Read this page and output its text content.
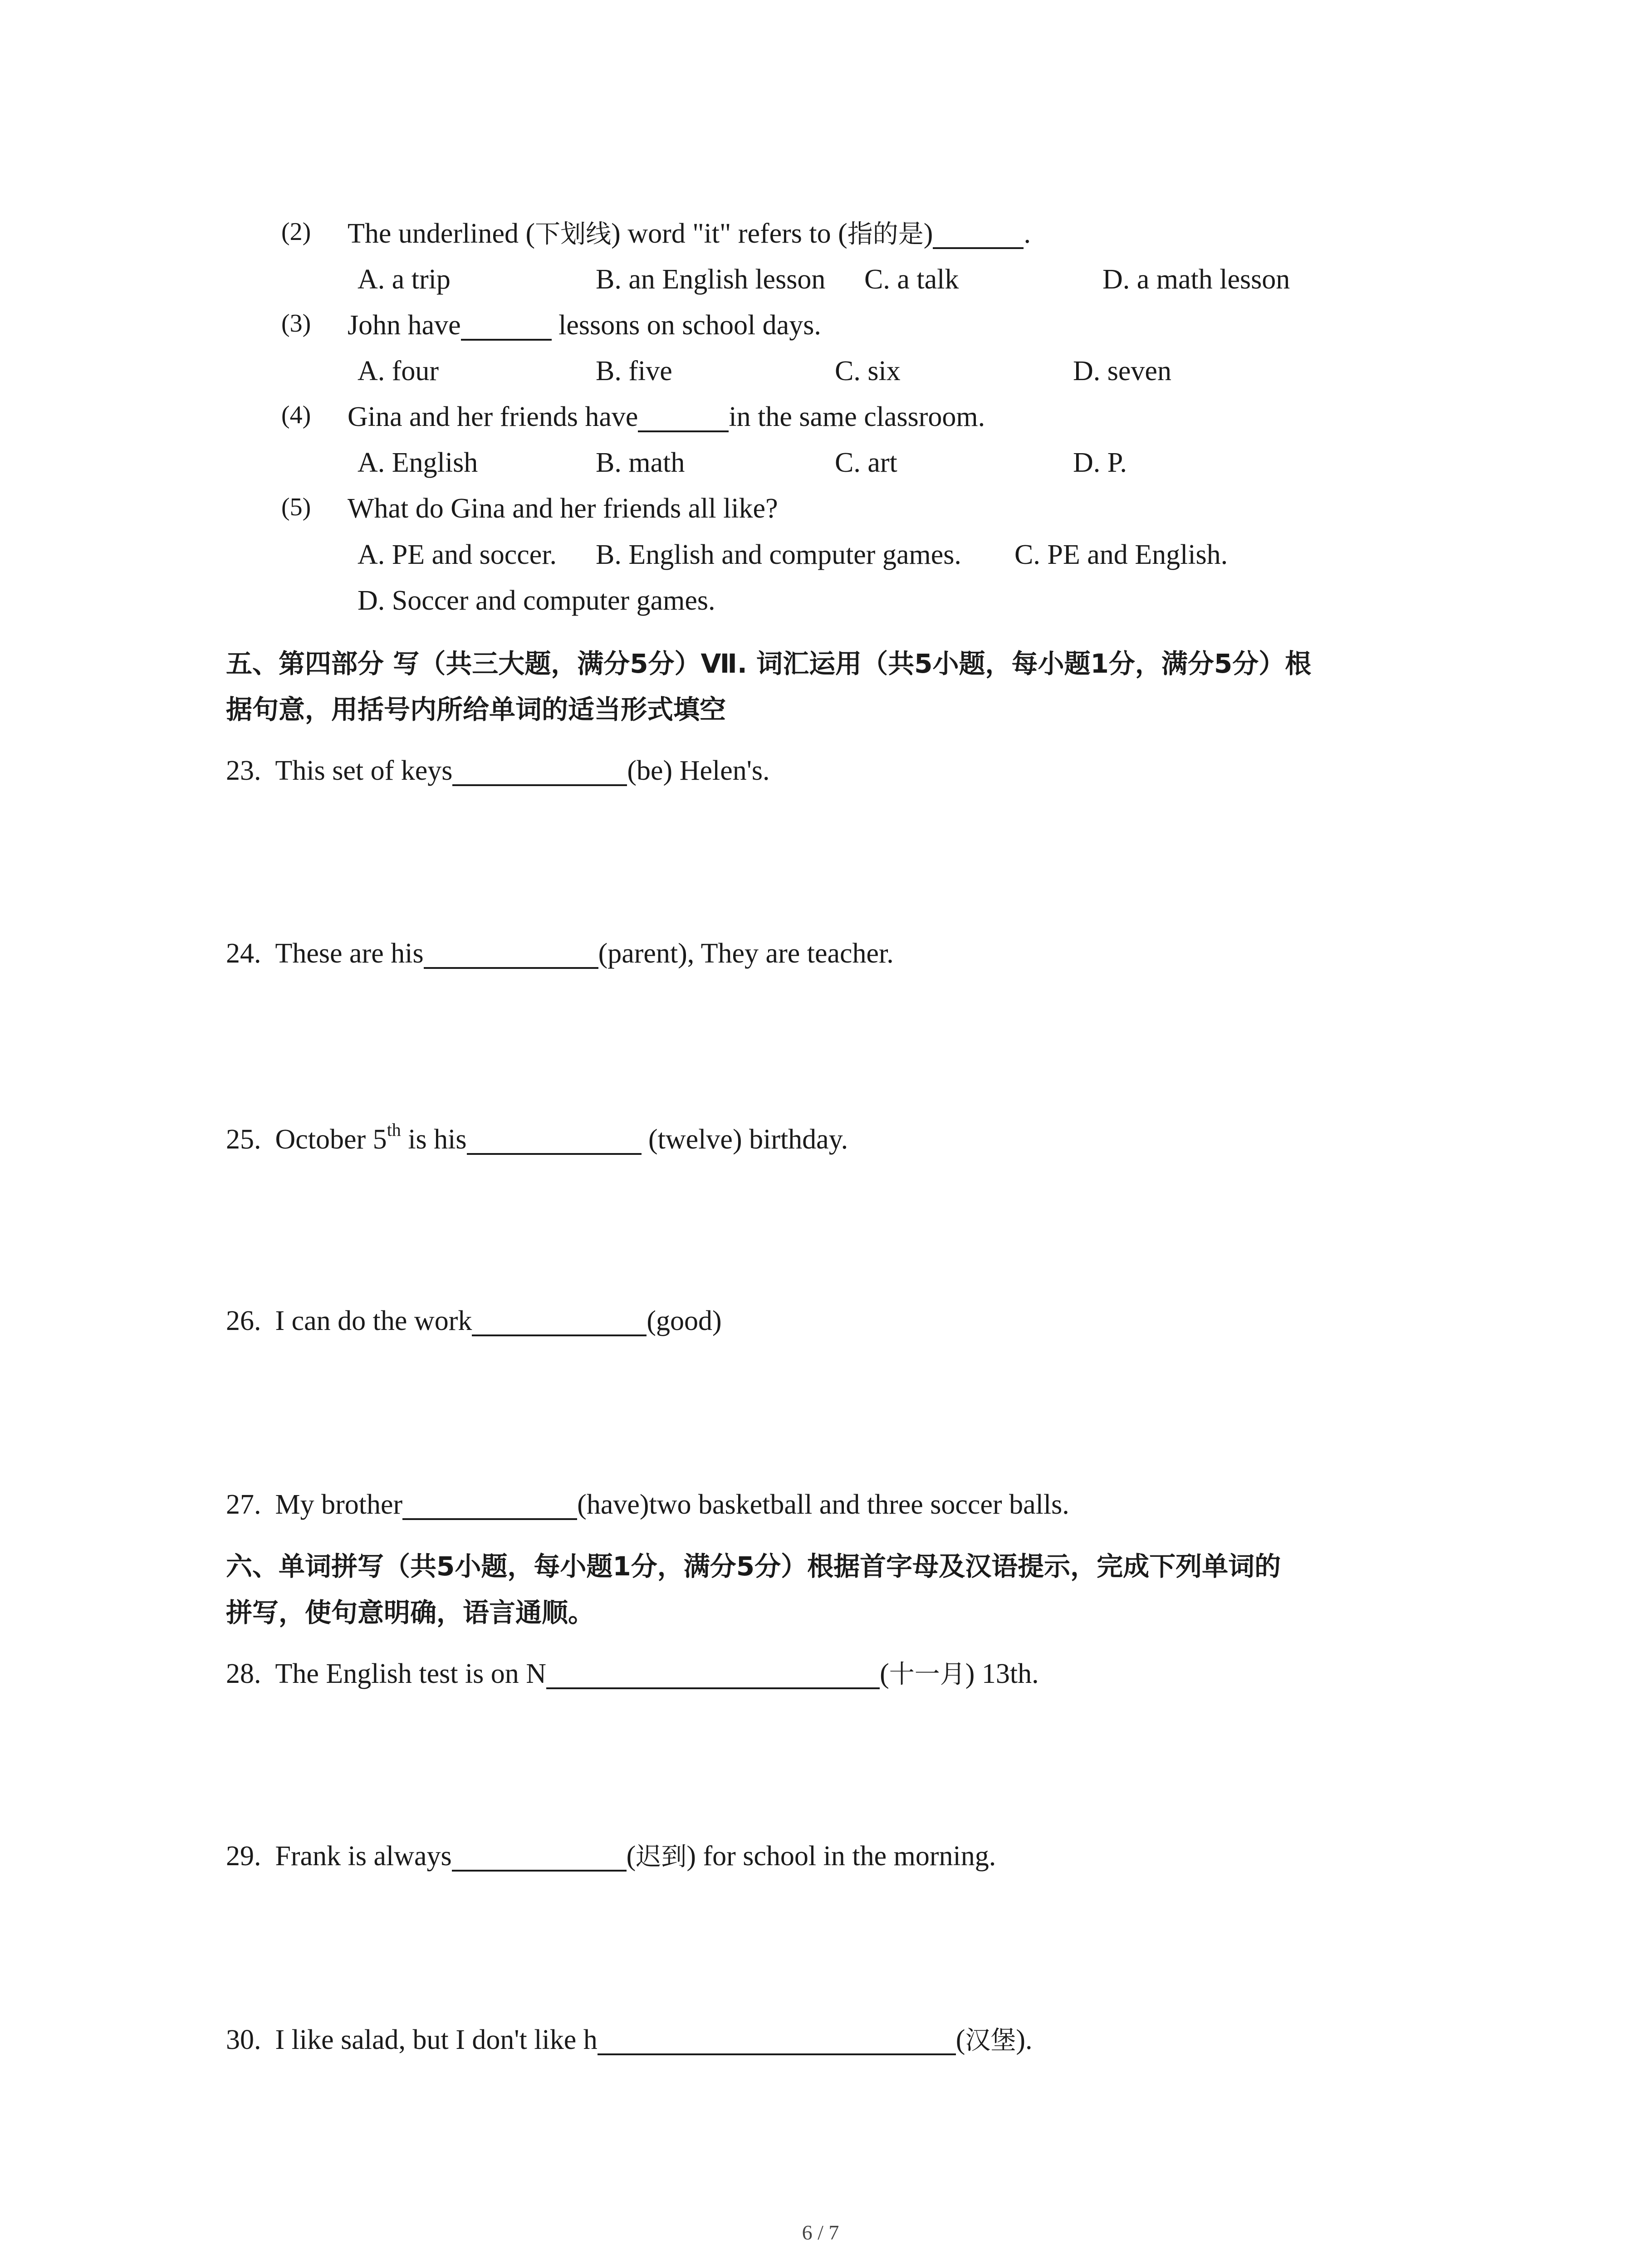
(2) The underlined (下划线) word "it" refers to (指的是)	.
A. a trip	B. an English lesson C. a talk	D. a math lesson
(3) John have	lessons on school days.
A. four	B. five	C. six	D. seven
(4) Gina and her friends have	in the same classroom.
A. English	B. math	C. art	D. P.
(5) What do Gina and her friends all like?
A. PE and soccer. B. English and computer games. C. PE and English.
D. Soccer and computer games.
五、第四部分 写（共三大题，满分5分）Ⅶ. 词汇运用（共5小题，每小题1分，满分5分）根
据句意，用括号内所给单词的适当形式填空
23. This set of keys	(be) Helen's.
24. These are his	(parent), They are teacher.
25. October 5th is his	(twelve) birthday.
26. I can do the work	(good)
27. My brother	(have)two basketball and three soccer balls.
六、单词拼写（共5小题，每小题1分，满分5分）根据首字母及汉语提示，完成下列单词的
拼写，使句意明确，语言通顺。
28. The English test is on N	(十一月) 13th.
29. Frank is always	(迟到) for school in the morning.
30. I like salad, but I don't like h	(汉堡).
6 / 7
